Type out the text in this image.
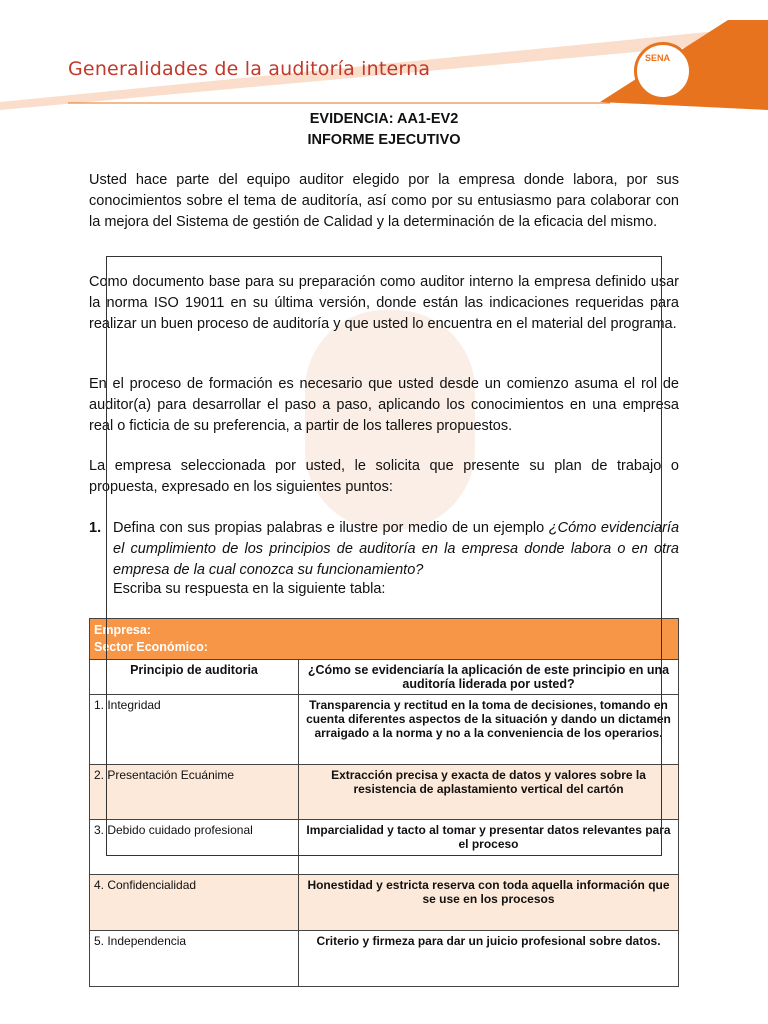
Generalidades de la auditoría interna	SENA
EVIDENCIA: AA1-EV2
INFORME EJECUTIVO
Usted hace parte del equipo auditor elegido por la empresa donde labora, por sus conocimientos sobre el tema de auditoría, así como por su entusiasmo para colaborar con la mejora del Sistema de gestión de Calidad y la determinación de la eficacia del mismo.
Como documento base para su preparación como auditor interno la empresa definido usar la norma ISO 19011 en su última versión, donde están las indicaciones requeridas para realizar un buen proceso de auditoría y que usted lo encuentra en el material del programa.
En el proceso de formación es necesario que usted desde un comienzo asuma el rol de auditor(a) para desarrollar el paso a paso, aplicando los conocimientos en una empresa real o ficticia de su preferencia, a partir de los talleres propuestos.
La empresa seleccionada por usted, le solicita que presente su plan de trabajo o propuesta, expresado en los siguientes puntos:
1. Defina con sus propias palabras e ilustre por medio de un ejemplo ¿Cómo evidenciaría el cumplimiento de los principios de auditoría en la empresa donde labora o en otra empresa de la cual conozca su funcionamiento?
Escriba su respuesta en la siguiente tabla:
Empresa:
Sector Económico:	

Principio de auditoria	¿Cómo se evidenciaría la aplicación de este principio en una auditoría liderada por usted?
1. Integridad	Transparencia y rectitud en la toma de decisiones, tomando en cuenta diferentes aspectos de la situación y dando un dictamen arraigado a la norma y no a la conveniencia de los operarios.
2. Presentación Ecuánime	Extracción precisa y exacta de datos y valores sobre la resistencia de aplastamiento vertical del cartón
3. Debido cuidado profesional	Imparcialidad y tacto al tomar y presentar datos relevantes para el proceso
4. Confidencialidad	Honestidad y estricta reserva con toda aquella información que se use en los procesos
5. Independencia	Criterio y firmeza para dar un juicio profesional sobre datos.
